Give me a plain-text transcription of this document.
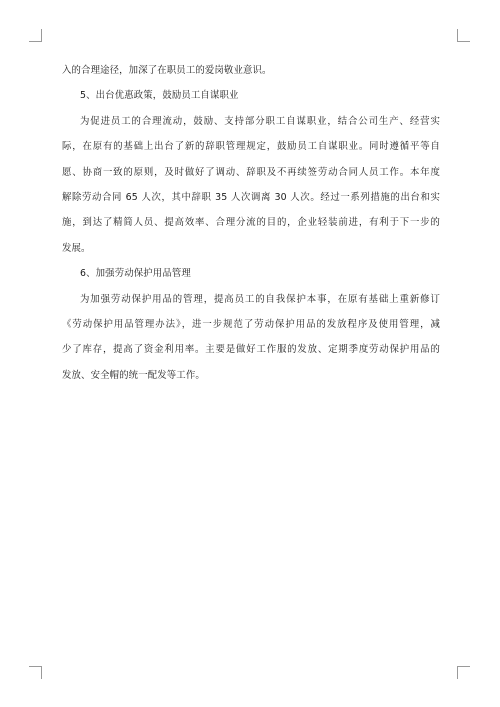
入的合理途径，加深了在职员工的爱岗敬业意识。
5、出台优惠政策，鼓励员工自谋职业
为促进员工的合理流动，鼓励、支持部分职工自谋职业，结合公司生产、经营实
际，在原有的基础上出台了新的辞职管理规定，鼓励员工自谋职业。同时遵循平等自
愿、协商一致的原则，及时做好了调动、辞职及不再续签劳动合同人员工作。本年度
解除劳动合同 65 人次，其中辞职 35 人次调离 30 人次。经过一系列措施的出台和实
施，到达了精简人员、提高效率、合理分流的目的，企业轻装前进，有利于下一步的
发展。
6、加强劳动保护用品管理
为加强劳动保护用品的管理，提高员工的自我保护本事，在原有基础上重新修订
《劳动保护用品管理办法》，进一步规范了劳动保护用品的发放程序及使用管理，减
少了库存，提高了资金利用率。主要是做好工作服的发放、定期季度劳动保护用品的
发放、安全帽的统一配发等工作。
